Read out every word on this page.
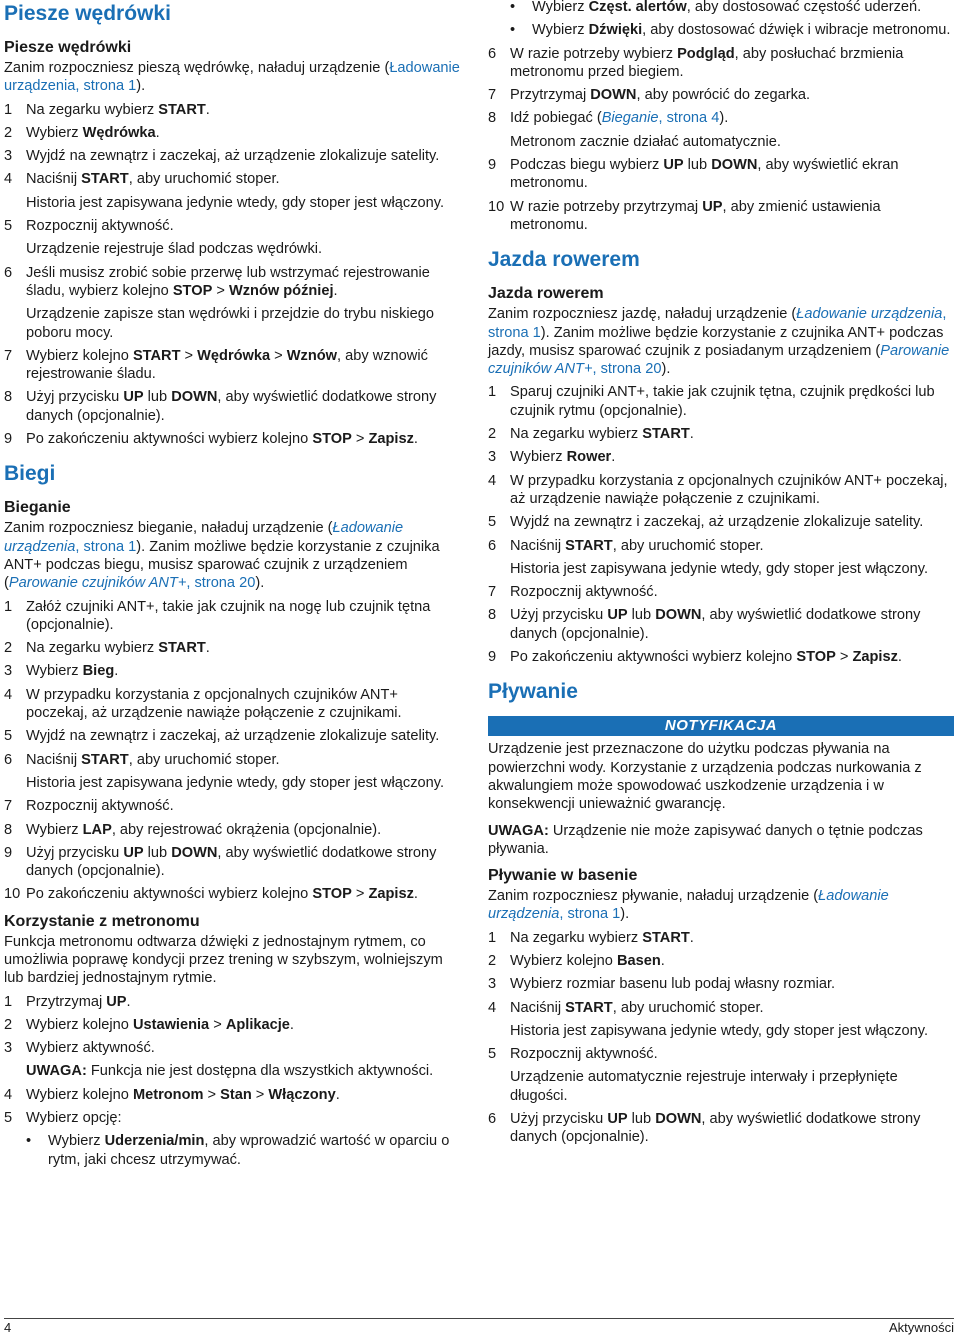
Piesze wędrówki
Piesze wędrówki
Zanim rozpoczniesz pieszą wędrówkę, naładuj urządzenie (Ładowanie urządzenia, strona 1).
1 Na zegarku wybierz START.
2 Wybierz Wędrówka.
3 Wyjdź na zewnątrz i zaczekaj, aż urządzenie zlokalizuje satelity.
4 Naciśnij START, aby uruchomić stoper.
Historia jest zapisywana jedynie wtedy, gdy stoper jest włączony.
5 Rozpocznij aktywność.
Urządzenie rejestruje ślad podczas wędrówki.
6 Jeśli musisz zrobić sobie przerwę lub wstrzymać rejestrowanie śladu, wybierz kolejno STOP > Wznów później.
Urządzenie zapisze stan wędrówki i przejdzie do trybu niskiego poboru mocy.
7 Wybierz kolejno START > Wędrówka > Wznów, aby wznowić rejestrowanie śladu.
8 Użyj przycisku UP lub DOWN, aby wyświetlić dodatkowe strony danych (opcjonalnie).
9 Po zakończeniu aktywności wybierz kolejno STOP > Zapisz.
Biegi
Bieganie
Zanim rozpoczniesz bieganie, naładuj urządzenie (Ładowanie urządzenia, strona 1). Zanim możliwe będzie korzystanie z czujnika ANT+ podczas biegu, musisz sparować czujnik z urządzeniem (Parowanie czujników ANT+, strona 20).
1 Załóż czujniki ANT+, takie jak czujnik na nogę lub czujnik tętna (opcjonalnie).
2 Na zegarku wybierz START.
3 Wybierz Bieg.
4 W przypadku korzystania z opcjonalnych czujników ANT+ poczekaj, aż urządzenie nawiąże połączenie z czujnikami.
5 Wyjdź na zewnątrz i zaczekaj, aż urządzenie zlokalizuje satelity.
6 Naciśnij START, aby uruchomić stoper.
Historia jest zapisywana jedynie wtedy, gdy stoper jest włączony.
7 Rozpocznij aktywność.
8 Wybierz LAP, aby rejestrować okrążenia (opcjonalnie).
9 Użyj przycisku UP lub DOWN, aby wyświetlić dodatkowe strony danych (opcjonalnie).
10 Po zakończeniu aktywności wybierz kolejno STOP > Zapisz.
Korzystanie z metronomu
Funkcja metronomu odtwarza dźwięki z jednostajnym rytmem, co umożliwia poprawę kondycji przez trening w szybszym, wolniejszym lub bardziej jednostajnym rytmie.
1 Przytrzymaj UP.
2 Wybierz kolejno Ustawienia > Aplikacje.
3 Wybierz aktywność.
UWAGA: Funkcja nie jest dostępna dla wszystkich aktywności.
4 Wybierz kolejno Metronom > Stan > Włączony.
5 Wybierz opcję:
•	Wybierz Uderzenia/min, aby wprowadzić wartość w oparciu o rytm, jaki chcesz utrzymywać.
•	Wybierz Częst. alertów, aby dostosować częstość uderzeń.
•	Wybierz Dźwięki, aby dostosować dźwięk i wibracje metronomu.
6 W razie potrzeby wybierz Podgląd, aby posłuchać brzmienia metronomu przed biegiem.
7 Przytrzymaj DOWN, aby powrócić do zegarka.
8 Idź pobiegać (Bieganie, strona 4).
Metronom zacznie działać automatycznie.
9 Podczas biegu wybierz UP lub DOWN, aby wyświetlić ekran metronomu.
10 W razie potrzeby przytrzymaj UP, aby zmienić ustawienia metronomu.
Jazda rowerem
Jazda rowerem
Zanim rozpoczniesz jazdę, naładuj urządzenie (Ładowanie urządzenia, strona 1). Zanim możliwe będzie korzystanie z czujnika ANT+ podczas jazdy, musisz sparować czujnik z posiadanym urządzeniem (Parowanie czujników ANT+, strona 20).
1 Sparuj czujniki ANT+, takie jak czujnik tętna, czujnik prędkości lub czujnik rytmu (opcjonalnie).
2 Na zegarku wybierz START.
3 Wybierz Rower.
4 W przypadku korzystania z opcjonalnych czujników ANT+ poczekaj, aż urządzenie nawiąże połączenie z czujnikami.
5 Wyjdź na zewnątrz i zaczekaj, aż urządzenie zlokalizuje satelity.
6 Naciśnij START, aby uruchomić stoper.
Historia jest zapisywana jedynie wtedy, gdy stoper jest włączony.
7 Rozpocznij aktywność.
8 Użyj przycisku UP lub DOWN, aby wyświetlić dodatkowe strony danych (opcjonalnie).
9 Po zakończeniu aktywności wybierz kolejno STOP > Zapisz.
Pływanie
NOTYFIKACJA
Urządzenie jest przeznaczone do użytku podczas pływania na powierzchni wody. Korzystanie z urządzenia podczas nurkowania z akwalungiem może spowodować uszkodzenie urządzenia i w konsekwencji unieważnić gwarancję.
UWAGA: Urządzenie nie może zapisywać danych o tętnie podczas pływania.
Pływanie w basenie
Zanim rozpoczniesz pływanie, naładuj urządzenie (Ładowanie urządzenia, strona 1).
1 Na zegarku wybierz START.
2 Wybierz kolejno Basen.
3 Wybierz rozmiar basenu lub podaj własny rozmiar.
4 Naciśnij START, aby uruchomić stoper.
Historia jest zapisywana jedynie wtedy, gdy stoper jest włączony.
5 Rozpocznij aktywność.
Urządzenie automatycznie rejestruje interwały i przepłynięte długości.
6 Użyj przycisku UP lub DOWN, aby wyświetlić dodatkowe strony danych (opcjonalnie).
4	Aktywności
